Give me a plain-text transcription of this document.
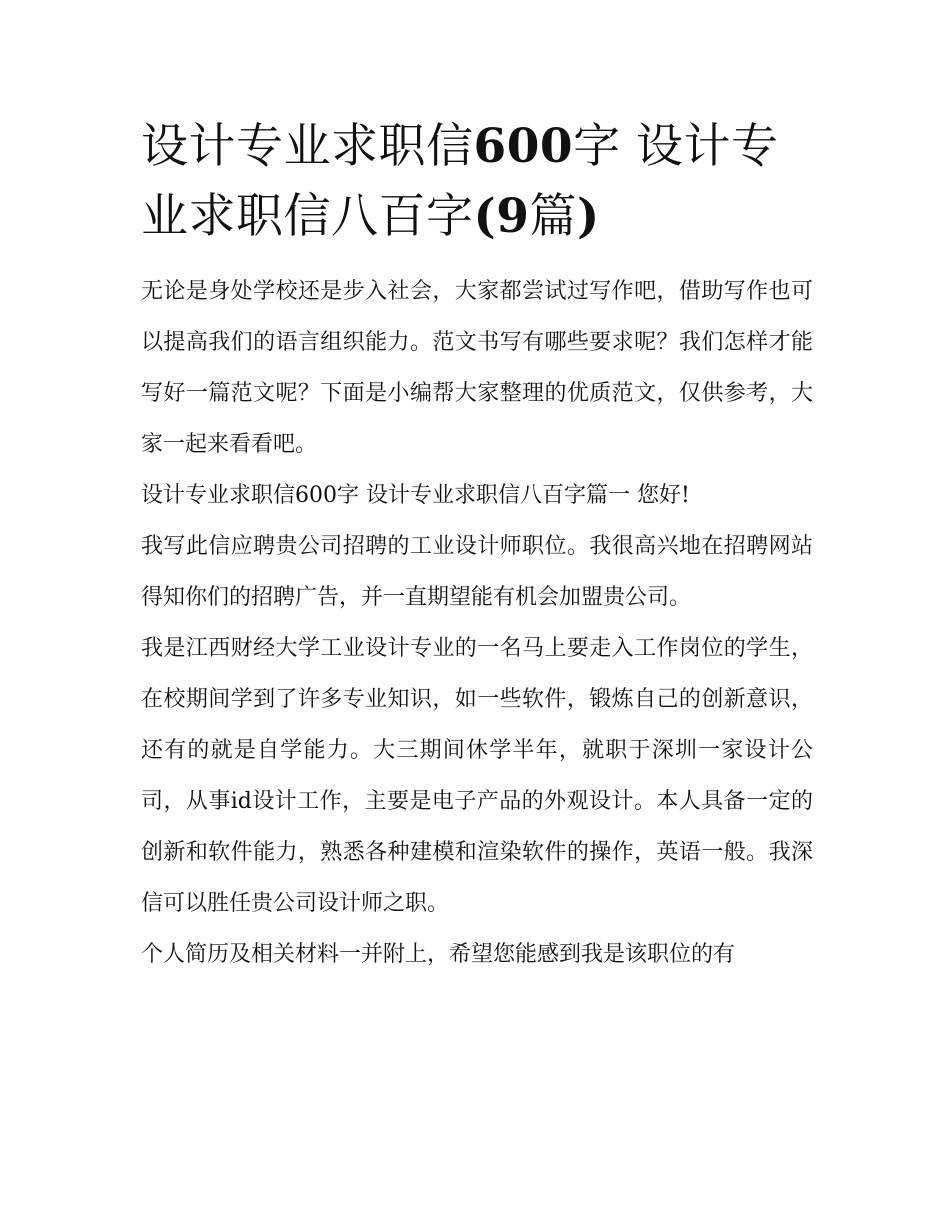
设计专业求职信600字 设计专业求职信八百字(9篇)

无论是身处学校还是步入社会，大家都尝试过写作吧，借助写作也可以提高我们的语言组织能力。范文书写有哪些要求呢？我们怎样才能写好一篇范文呢？下面是小编帮大家整理的优质范文，仅供参考，大家一起来看看吧。

设计专业求职信600字 设计专业求职信八百字篇一 您好!

我写此信应聘贵公司招聘的工业设计师职位。我很高兴地在招聘网站得知你们的招聘广告，并一直期望能有机会加盟贵公司。

我是江西财经大学工业设计专业的一名马上要走入工作岗位的学生，在校期间学到了许多专业知识，如一些软件，锻炼自己的创新意识，还有的就是自学能力。大三期间休学半年，就职于深圳一家设计公司，从事id设计工作，主要是电子产品的外观设计。本人具备一定的创新和软件能力，熟悉各种建模和渲染软件的操作，英语一般。我深信可以胜任贵公司设计师之职。

个人简历及相关材料一并附上，希望您能感到我是该职位的有
